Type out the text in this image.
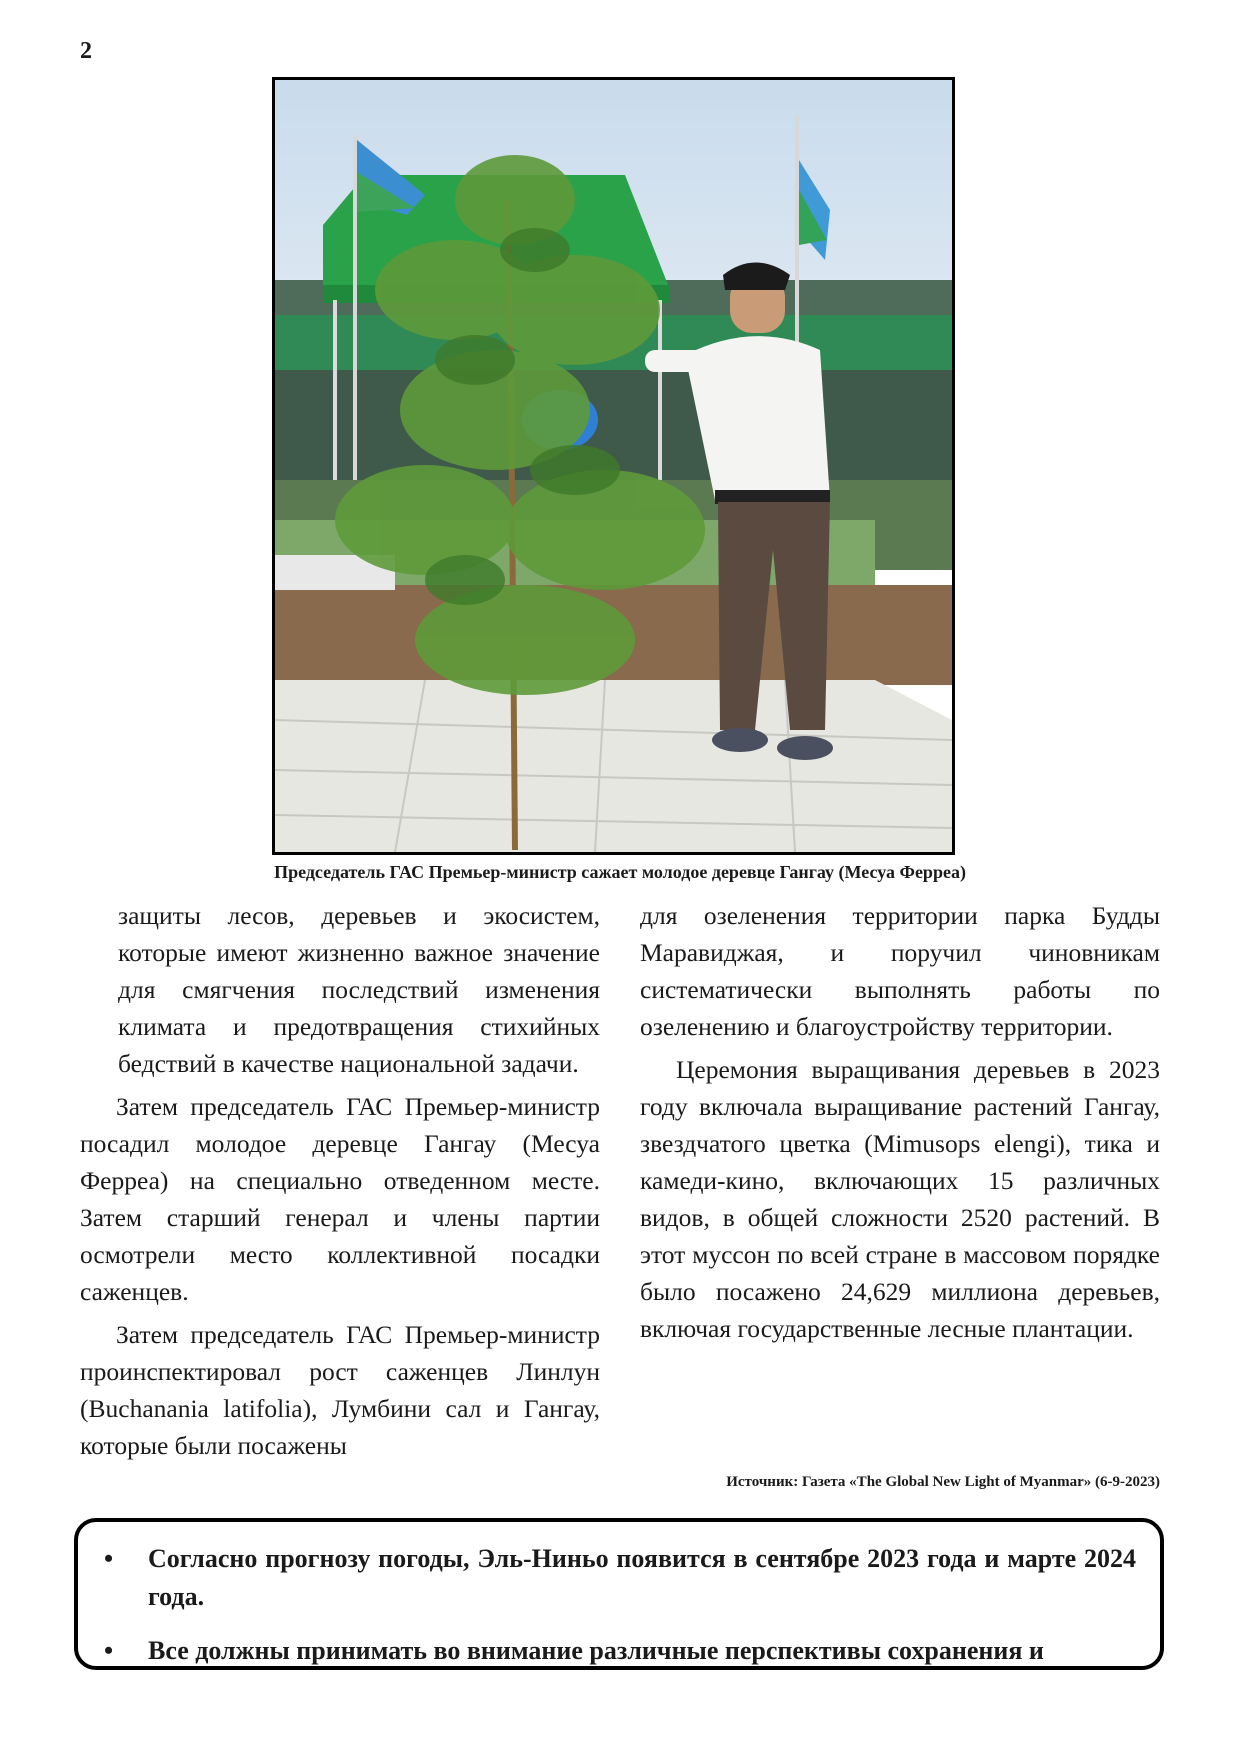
2
Председатель ГАС Премьер-министр сажает молодое деревце Гангау (Месуа Ферреа)

защиты лесов, деревьев и экосистем, которые имеют жизненно важное значение для смягчения последствий изменения климата и предотвращения стихийных бедствий в качестве национальной задачи.

Затем председатель ГАС Премьер-министр посадил молодое деревце Гангау (Месуа Ферреа) на специально отведенном месте. Затем старший генерал и члены партии осмотрели место коллективной посадки саженцев.

Затем председатель ГАС Премьер-министр проинспектировал рост саженцев Линлун (Buchanania latifolia), Лумбини сал и Гангау, которые были посажены

для озеленения территории парка Будды Маравиджая, и поручил чиновникам систематически выполнять работы по озеленению и благоустройству территории.

Церемония выращивания деревьев в 2023 году включала выращивание растений Гангау, звездчатого цветка (Mimusops elengi), тика и камеди-кино, включающих 15 различных видов, в общей сложности 2520 растений. В этот муссон по всей стране в массовом порядке было посажено 24,629 миллиона деревьев, включая государственные лесные плантации.

Источник: Газета «The Global New Light of Myanmar» (6-9-2023)
• Согласно прогнозу погоды, Эль-Ниньо появится в сентябре 2023 года и марте 2024 года.
• Все должны принимать во внимание различные перспективы сохранения и
